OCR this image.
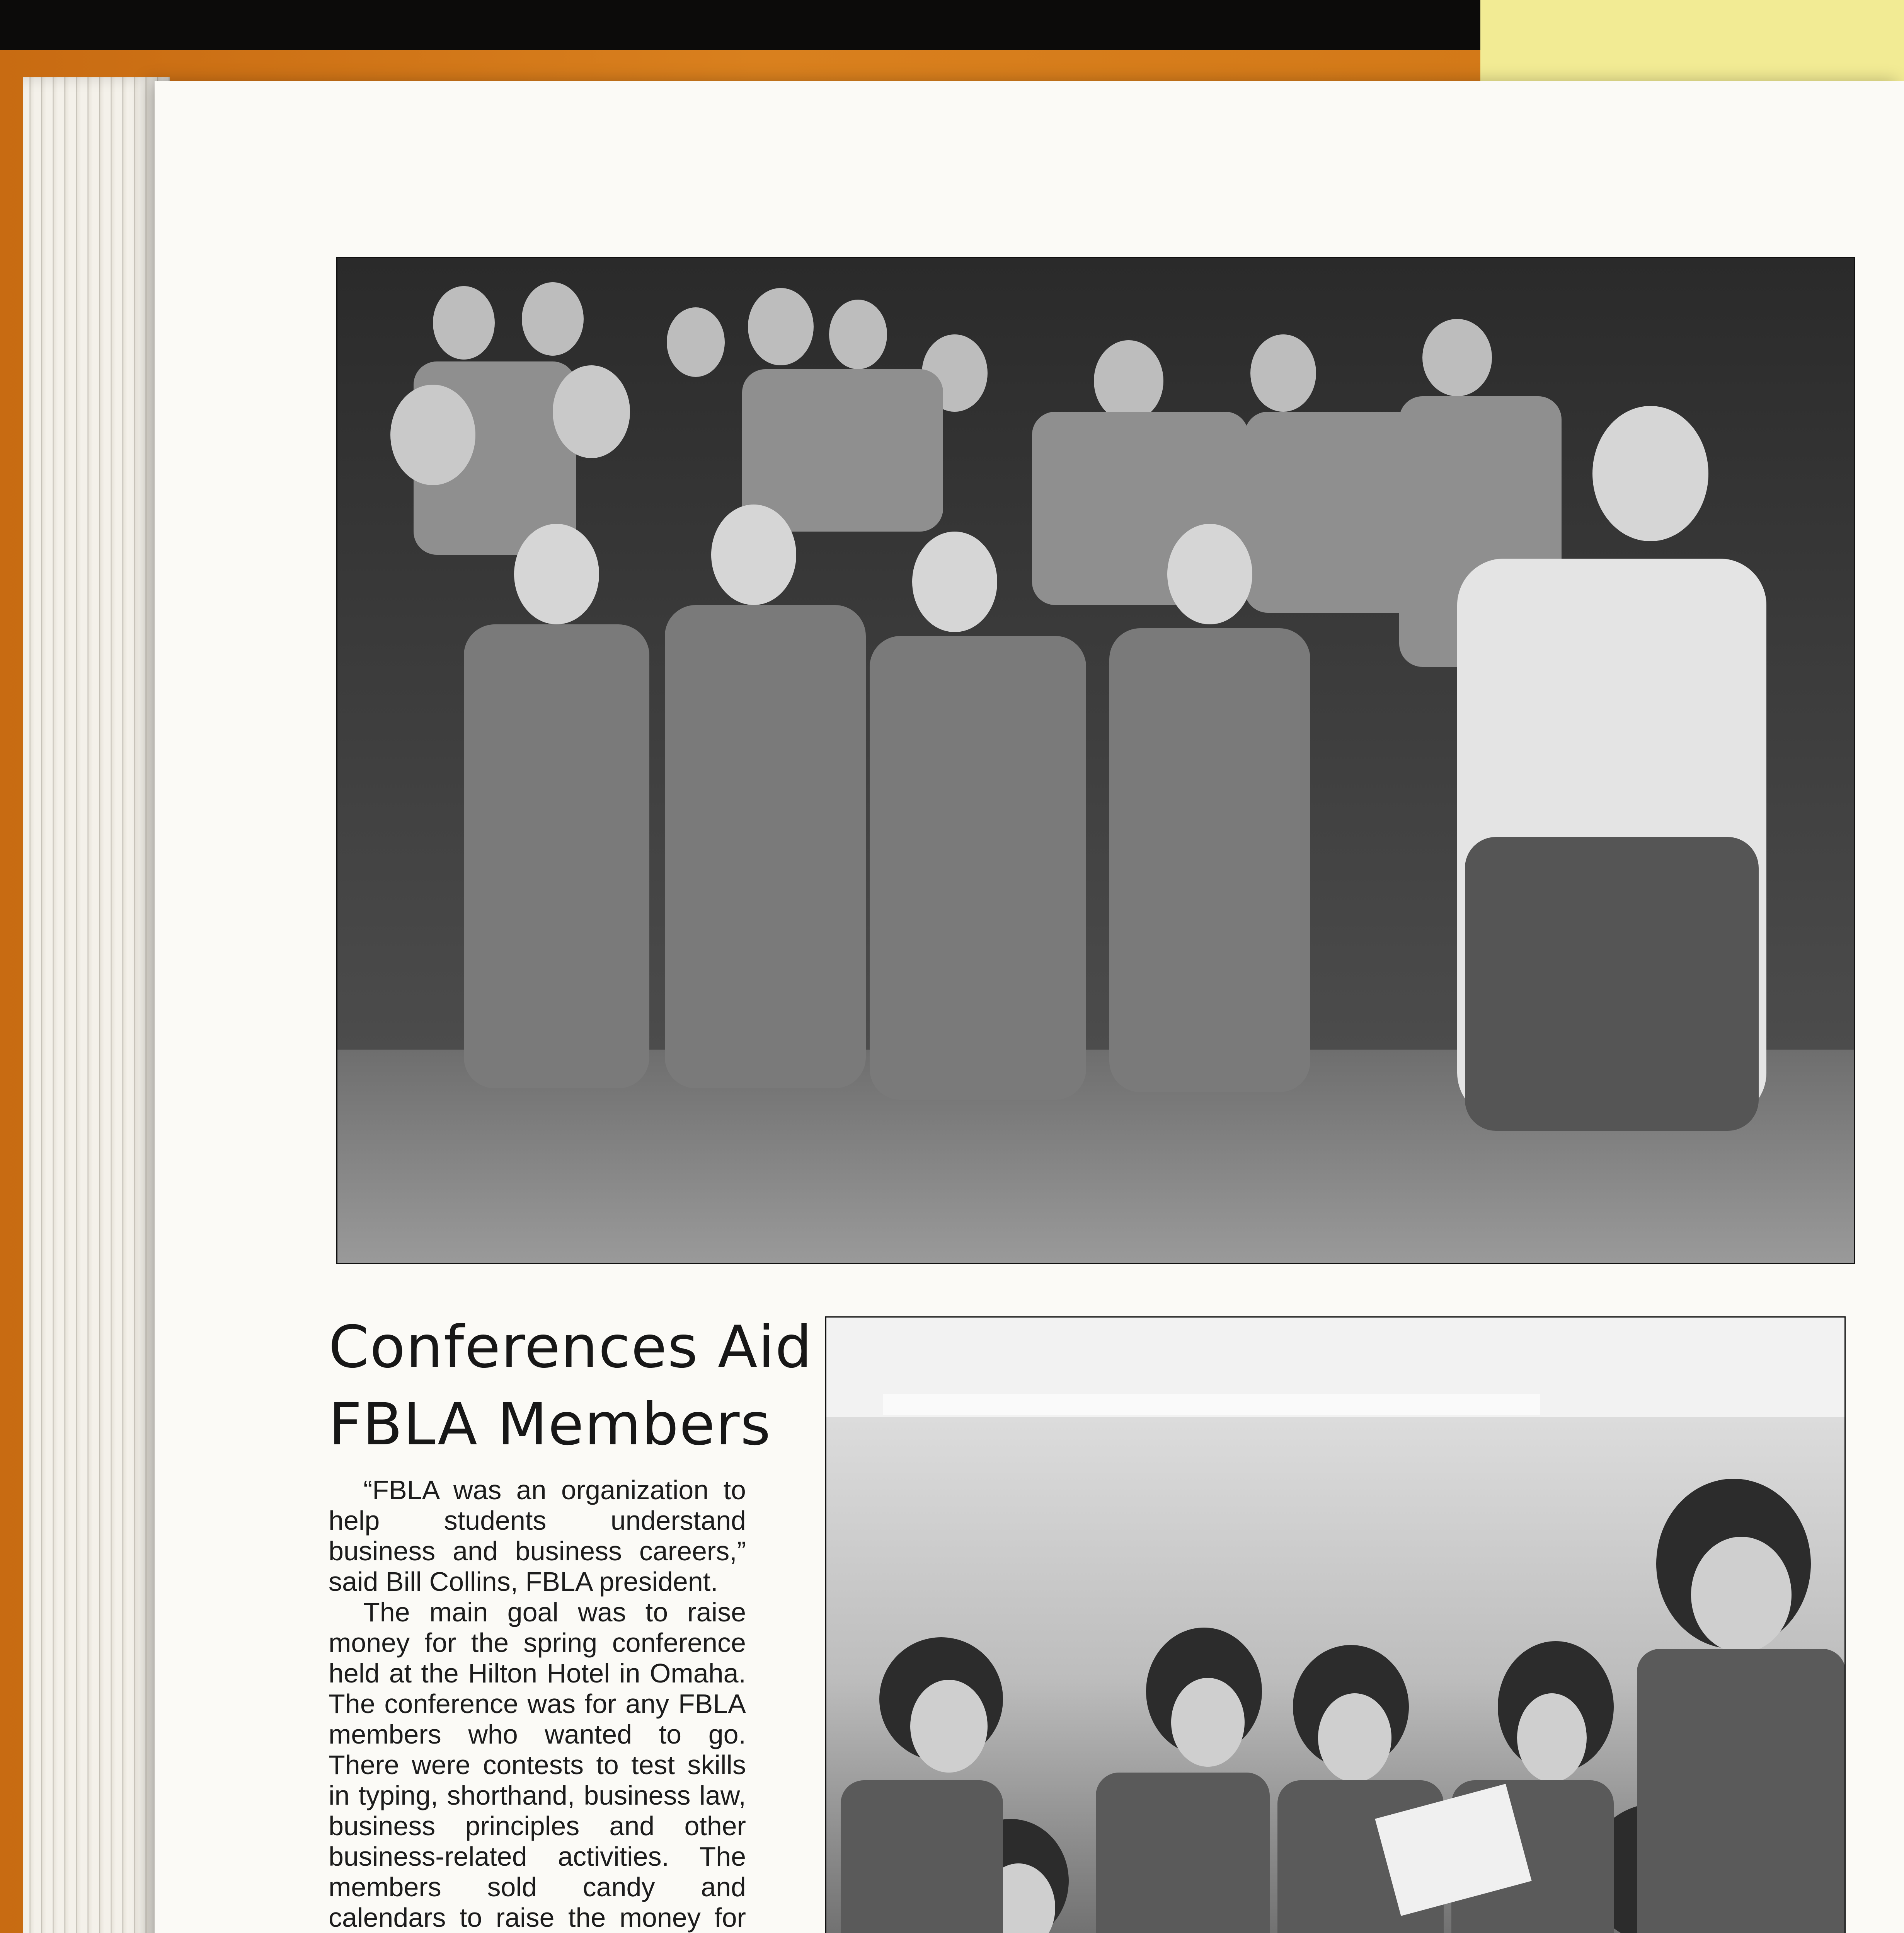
Conferences Aid
FBLA Members

“FBLA was an organization to help students understand business and business careers,” said Bill Collins, FBLA president.

The main goal was to raise money for the spring conference held at the Hilton Hotel in Omaha. The conference was for any FBLA members who wanted to go. There were contests to test skills in typing, shorthand, business law, business principles and other business-related activities. The members sold candy and calendars to raise the money for
